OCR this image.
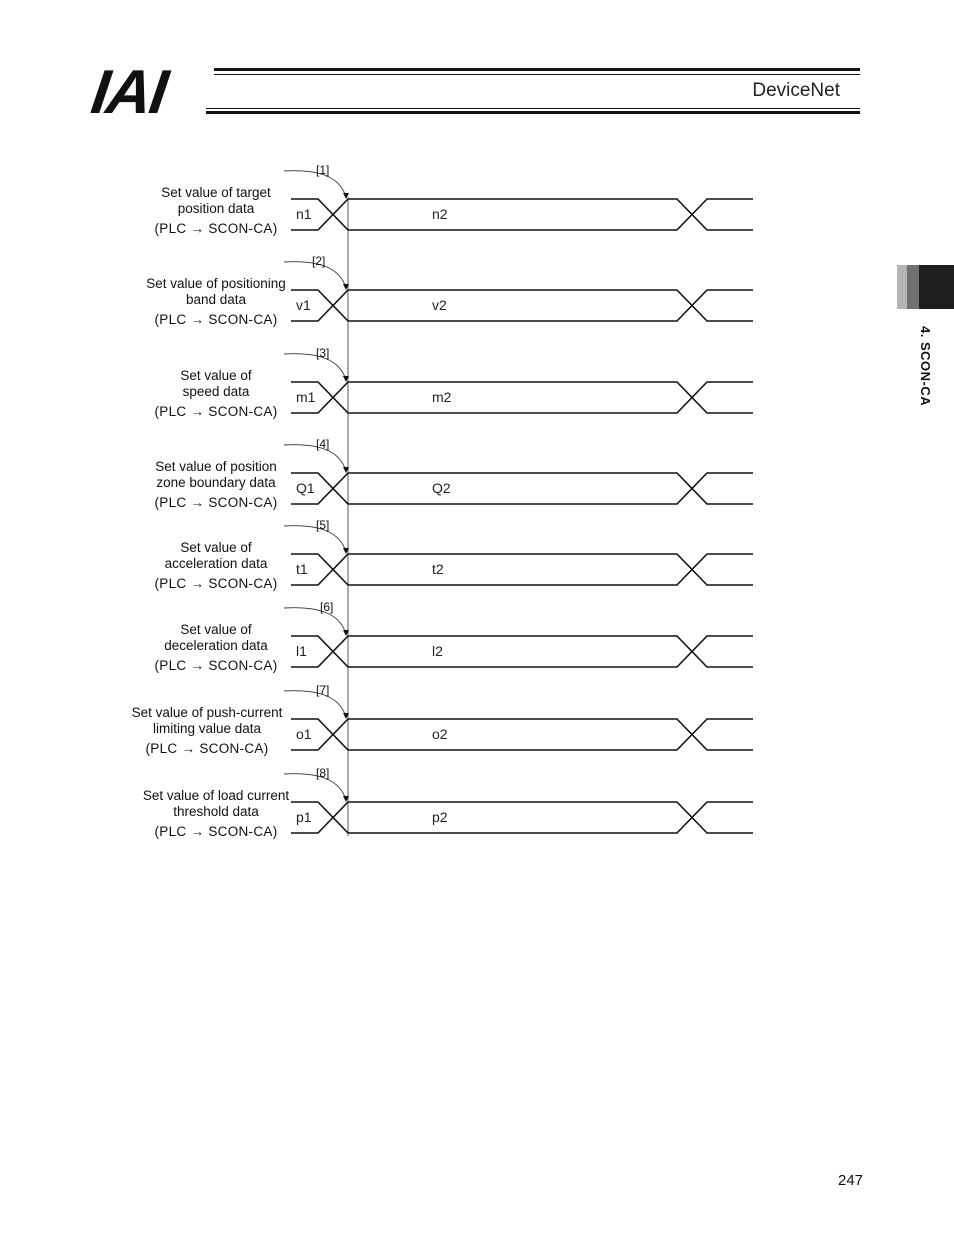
IAI	DeviceNet
4. SCON-CA
[1]
Set value of target
position data
(PLC → SCON-CA)
n1	n2
[2]
Set value of positioning
band data
(PLC → SCON-CA)
v1	v2
[3]
Set value of
speed data
(PLC → SCON-CA)
m1	m2
[4]
Set value of position
zone boundary data
(PLC → SCON-CA)
Q1	Q2
[5]
Set value of
acceleration data
(PLC → SCON-CA)
t1	t2
[6]
Set value of
deceleration data
(PLC → SCON-CA)
l1	l2
[7]
Set value of push-current
limiting value data
(PLC → SCON-CA)
o1	o2
[8]
Set value of load current
threshold data
(PLC → SCON-CA)
p1	p2
247
